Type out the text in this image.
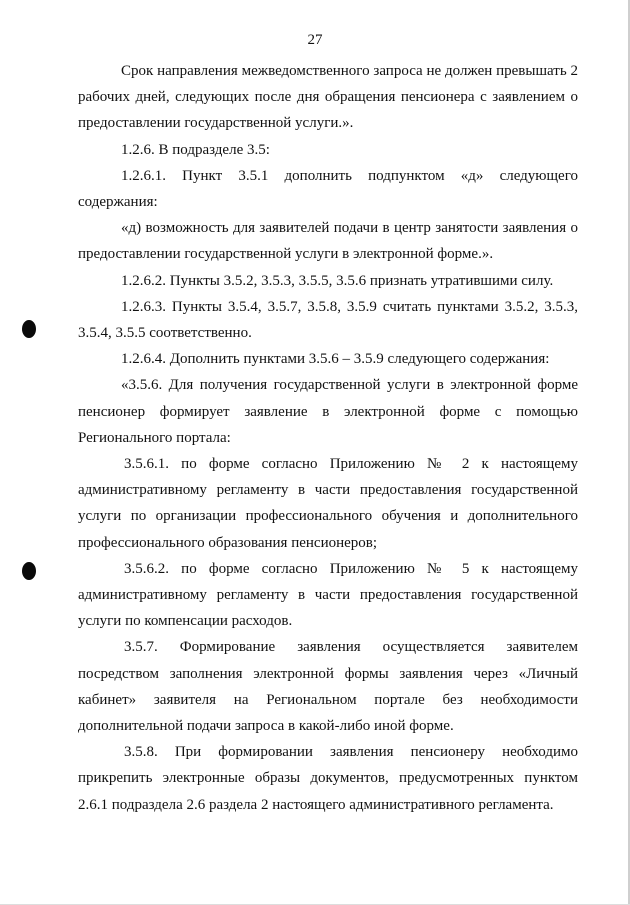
27

Срок направления межведомственного запроса не должен превышать 2 рабочих дней, следующих после дня обращения пенсионера с заявлением о предоставлении государственной услуги.».

1.2.6. В подразделе 3.5:

1.2.6.1. Пункт 3.5.1 дополнить подпунктом «д» следующего содержания:

«д) возможность для заявителей подачи в центр занятости заявления о предоставлении государственной услуги в электронной форме.».

1.2.6.2. Пункты 3.5.2, 3.5.3, 3.5.5, 3.5.6 признать утратившими силу.

1.2.6.3. Пункты 3.5.4, 3.5.7, 3.5.8, 3.5.9 считать пунктами 3.5.2, 3.5.3, 3.5.4, 3.5.5 соответственно.

1.2.6.4. Дополнить пунктами 3.5.6 – 3.5.9 следующего содержания:

«3.5.6. Для получения государственной услуги в электронной форме пенсионер формирует заявление в электронной форме с помощью Регионального портала:

3.5.6.1. по форме согласно Приложению № 2 к настоящему административному регламенту в части предоставления государственной услуги по организации профессионального обучения и дополнительного профессионального образования пенсионеров;

3.5.6.2. по форме согласно Приложению № 5 к настоящему административному регламенту в части предоставления государственной услуги по компенсации расходов.

3.5.7. Формирование заявления осуществляется заявителем посредством заполнения электронной формы заявления через «Личный кабинет» заявителя на Региональном портале без необходимости дополнительной подачи запроса в какой-либо иной форме.

3.5.8. При формировании заявления пенсионеру необходимо прикрепить электронные образы документов, предусмотренных пунктом 2.6.1 подраздела 2.6 раздела 2 настоящего административного регламента.
